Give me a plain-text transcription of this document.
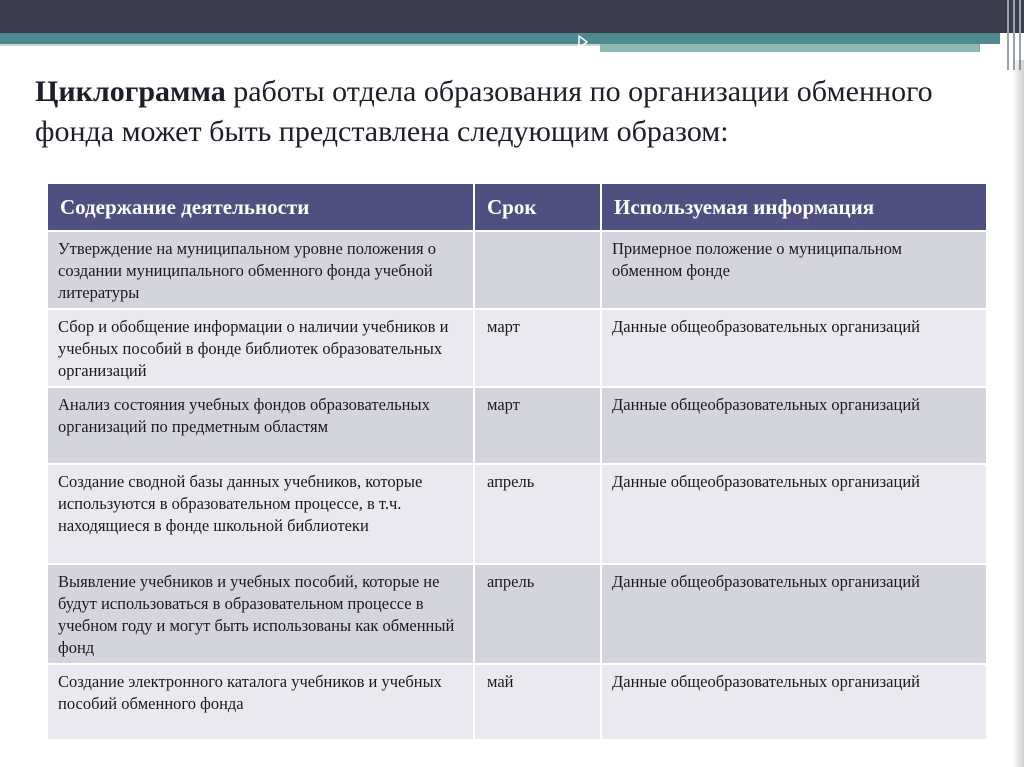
Циклограмма работы отдела образования по организации обменного фонда может быть представлена следующим образом:
Содержание деятельности	Срок	Используемая информация
Утверждение на муниципальном уровне положения о создании муниципального обменного фонда учебной литературы		Примерное положение о муниципальном обменном фонде
Сбор и обобщение информации о наличии учебников и учебных пособий в фонде библиотек образовательных организаций	март	Данные общеобразовательных организаций
Анализ состояния учебных фондов образовательных организаций по предметным областям	март	Данные общеобразовательных организаций
Создание сводной базы данных учебников, которые используются в образовательном процессе, в т.ч. находящиеся в фонде школьной библиотеки	апрель	Данные общеобразовательных организаций
Выявление учебников и учебных пособий, которые не будут использоваться в образовательном процессе в учебном году и могут быть использованы как обменный фонд	апрель	Данные общеобразовательных организаций
Создание электронного каталога учебников и учебных пособий обменного фонда	май	Данные общеобразовательных организаций
